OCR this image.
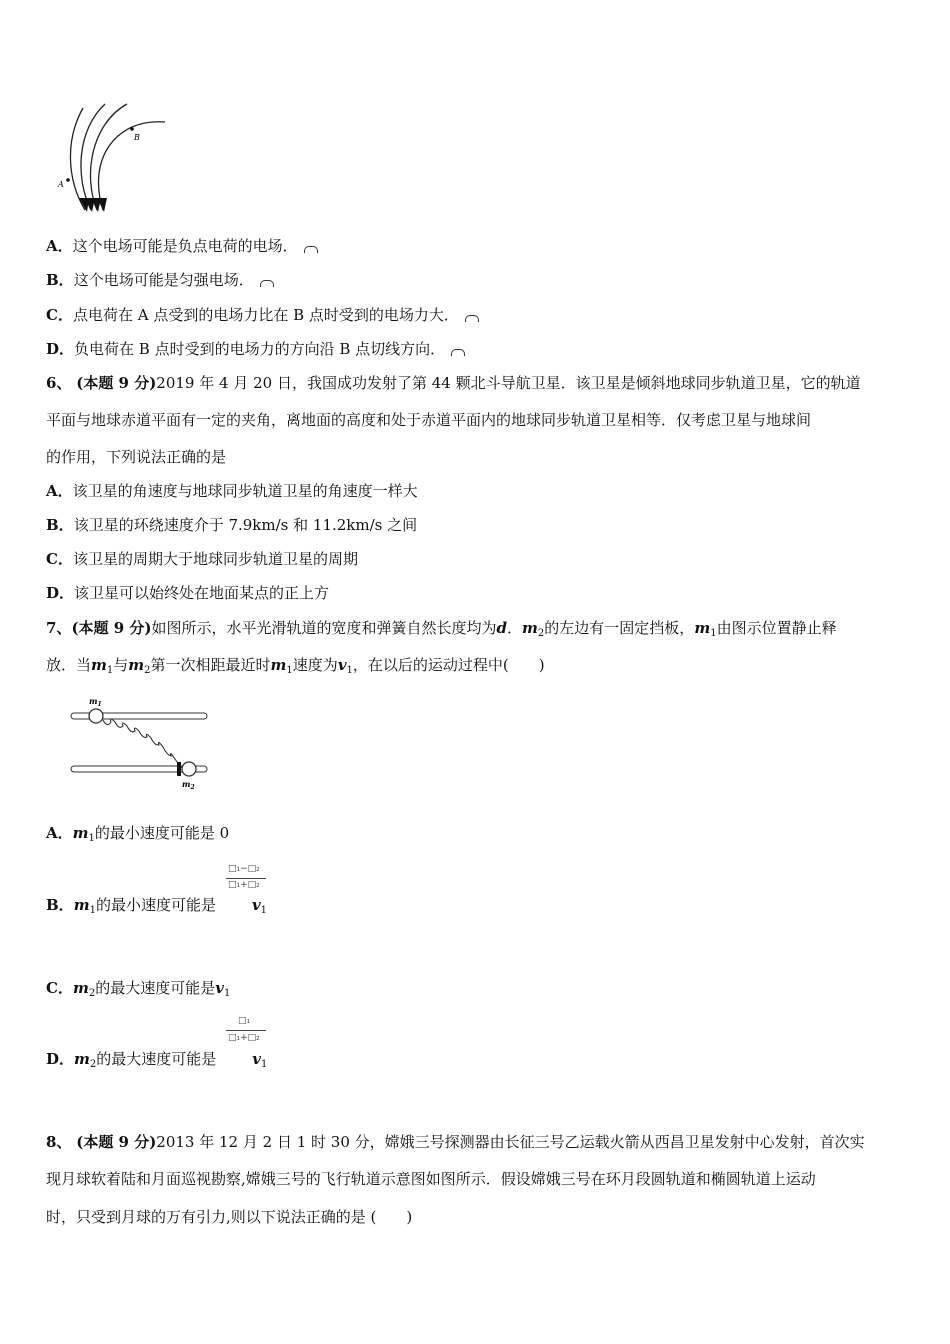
A
B
A．这个电场可能是负点电荷的电场．
B．这个电场可能是匀强电场．
C．点电荷在 A 点受到的电场力比在 B 点时受到的电场力大．
D．负电荷在 B 点时受到的电场力的方向沿 B 点切线方向．
6、 (本题 9 分)2019 年 4 月 20 日，我国成功发射了第 44 颗北斗导航卫星．该卫星是倾斜地球同步轨道卫星，它的轨道
平面与地球赤道平面有一定的夹角，离地面的高度和处于赤道平面内的地球同步轨道卫星相等．仅考虑卫星与地球间
的作用，下列说法正确的是
A．该卫星的角速度与地球同步轨道卫星的角速度一样大
B．该卫星的环绕速度介于 7.9km/s 和 11.2km/s 之间
C．该卫星的周期大于地球同步轨道卫星的周期
D．该卫星可以始终处在地面某点的正上方
7、(本题 9 分)如图所示，水平光滑轨道的宽度和弹簧自然长度均为d．$m_2$的左边有一固定挡板，$m_1$由图示位置静止释
放．当$m_1$与$m_2$第一次相距最近时$m_1$速度为$v_1$，在以后的运动过程中(　　)
$m_1$
$m_2$
A．$m_1$的最小速度可能是 0
□₁−□₂
□₁+□₂
B．$m_1$的最小速度可能是 $v_1$
C．$m_2$的最大速度可能是$v_1$
□₁
□₁+□₂
D．$m_2$的最大速度可能是 $v_1$
8、 (本题 9 分)2013 年 12 月 2 日 1 时 30 分，嫦娥三号探测器由长征三号乙运载火箭从西昌卫星发射中心发射，首次实
现月球软着陆和月面巡视勘察,嫦娥三号的飞行轨道示意图如图所示．假设嫦娥三号在环月段圆轨道和椭圆轨道上运动
时，只受到月球的万有引力,则以下说法正确的是 (　　)
